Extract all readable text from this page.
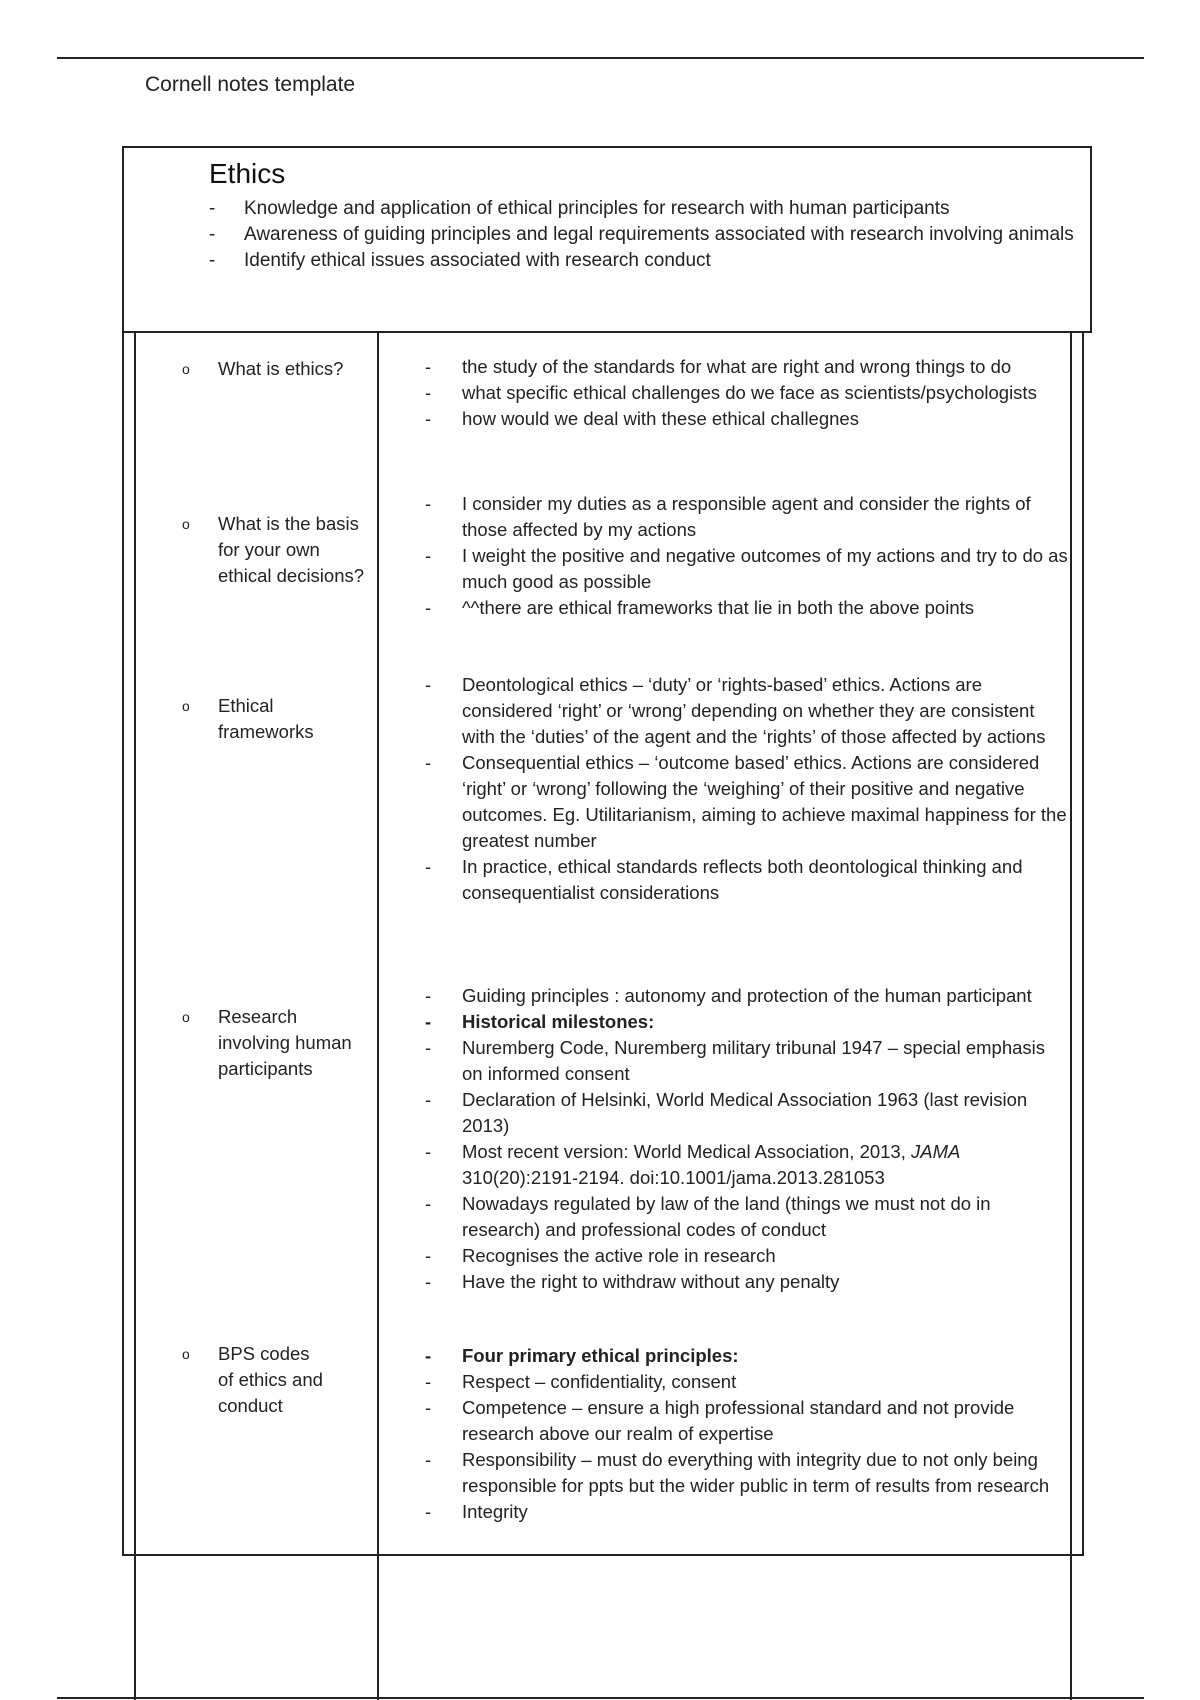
Cornell notes template
Ethics
- Knowledge and application of ethical principles for research with human participants
- Awareness of guiding principles and legal requirements associated with research involving animals
- Identify ethical issues associated with research conduct
o	What is ethics?	- the study of the standards for what are right and wrong things to do
- what specific ethical challenges do we face as scientists/psychologists
- how would we deal with these ethical challegnes
o	What is the basis for your own ethical decisions?
- I consider my duties as a responsible agent and consider the rights of those affected by my actions
- I weight the positive and negative outcomes of my actions and try to do as much good as possible
- ^^there are ethical frameworks that lie in both the above points
o	Ethical frameworks
- Deontological ethics – ‘duty’ or ‘rights-based’ ethics. Actions are considered ‘right’ or ‘wrong’ depending on whether they are consistent with the ‘duties’ of the agent and the ‘rights’ of those affected by actions
- Consequential ethics – ‘outcome based’ ethics. Actions are considered ‘right’ or ‘wrong’ following the ‘weighing’ of their positive and negative outcomes. Eg. Utilitarianism, aiming to achieve maximal happiness for the greatest number
- In practice, ethical standards reflects both deontological thinking and consequentialist considerations
o	Research involving human participants
- Guiding principles : autonomy and protection of the human participant
- Historical milestones:
- Nuremberg Code, Nuremberg military tribunal 1947 – special emphasis on informed consent
- Declaration of Helsinki, World Medical Association 1963 (last revision 2013)
- Most recent version: World Medical Association, 2013, JAMA 310(20):2191-2194. doi:10.1001/jama.2013.281053
- Nowadays regulated by law of the land (things we must not do in research) and professional codes of conduct
- Recognises the active role in research
- Have the right to withdraw without any penalty
o	BPS codes of ethics and conduct
- Four primary ethical principles:
- Respect – confidentiality, consent
- Competence – ensure a high professional standard and not provide research above our realm of expertise
- Responsibility – must do everything with integrity due to not only being responsible for ppts but the wider public in term of results from research
- Integrity
